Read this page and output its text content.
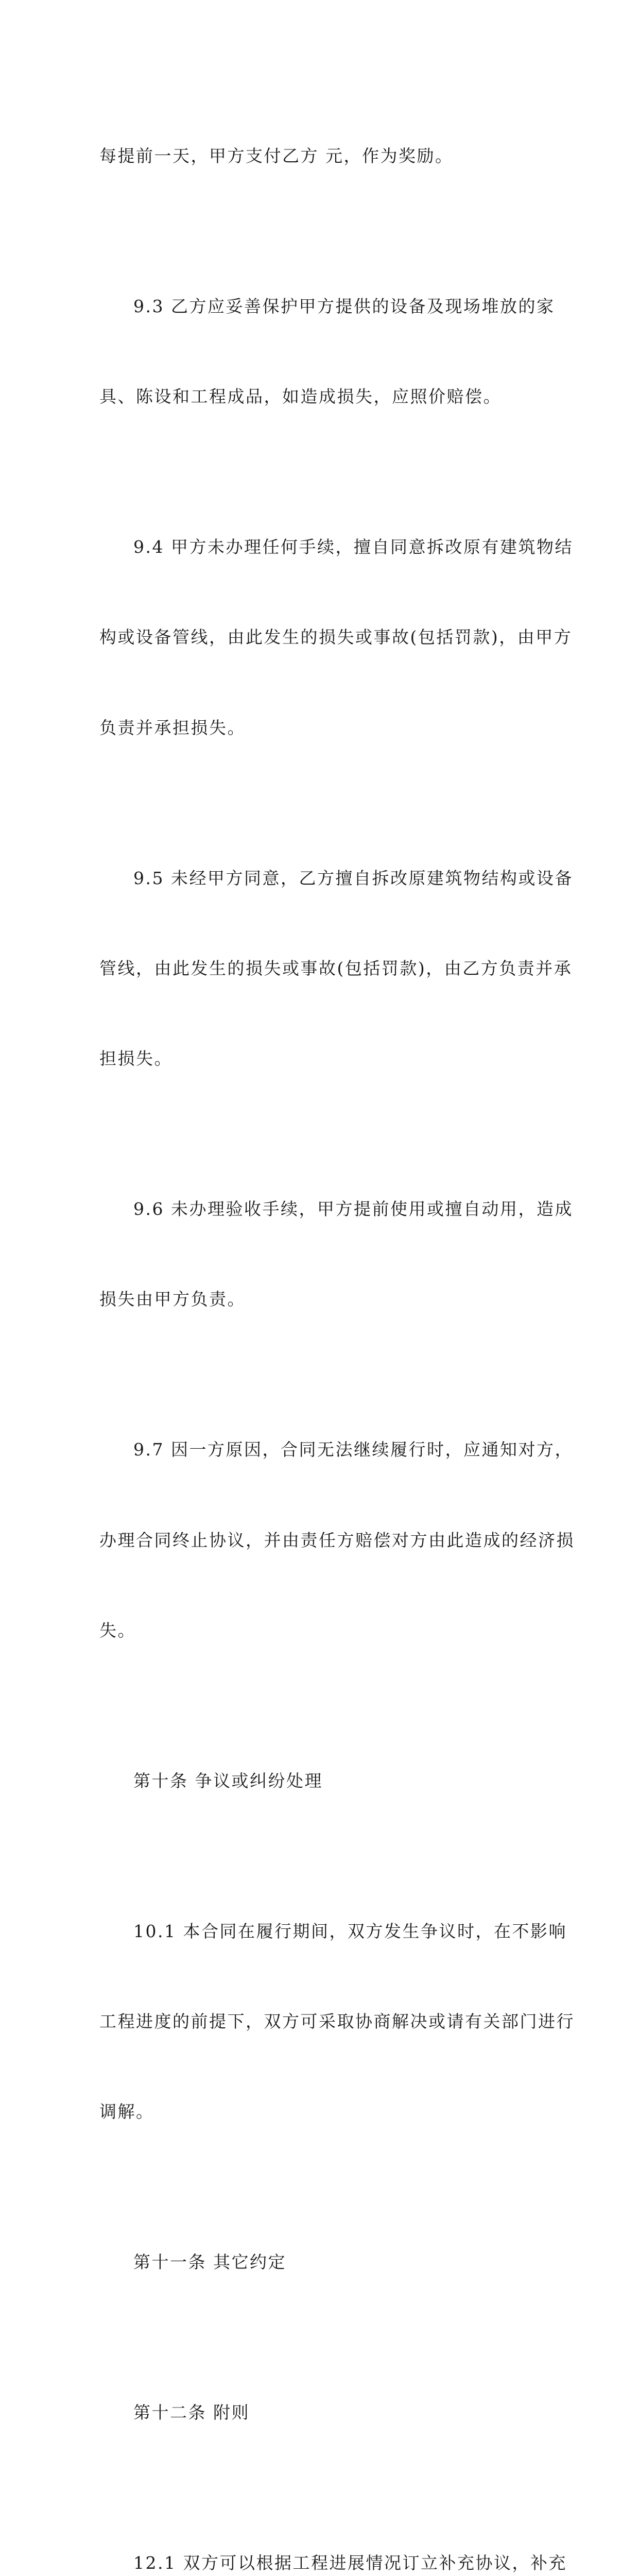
每提前一天，甲方支付乙方 元，作为奖励。

9.3 乙方应妥善保护甲方提供的设备及现场堆放的家

具、陈设和工程成品，如造成损失，应照价赔偿。

9.4 甲方未办理任何手续，擅自同意拆改原有建筑物结

构或设备管线，由此发生的损失或事故(包括罚款)，由甲方

负责并承担损失。

9.5 未经甲方同意，乙方擅自拆改原建筑物结构或设备

管线，由此发生的损失或事故(包括罚款)，由乙方负责并承

担损失。

9.6 未办理验收手续，甲方提前使用或擅自动用，造成

损失由甲方负责。

9.7 因一方原因，合同无法继续履行时，应通知对方，

办理合同终止协议，并由责任方赔偿对方由此造成的经济损

失。

第十条 争议或纠纷处理

10.1 本合同在履行期间，双方发生争议时，在不影响

工程进度的前提下，双方可采取协商解决或请有关部门进行

调解。

第十一条 其它约定

第十二条 附则

12.1 双方可以根据工程进展情况订立补充协议，补充
